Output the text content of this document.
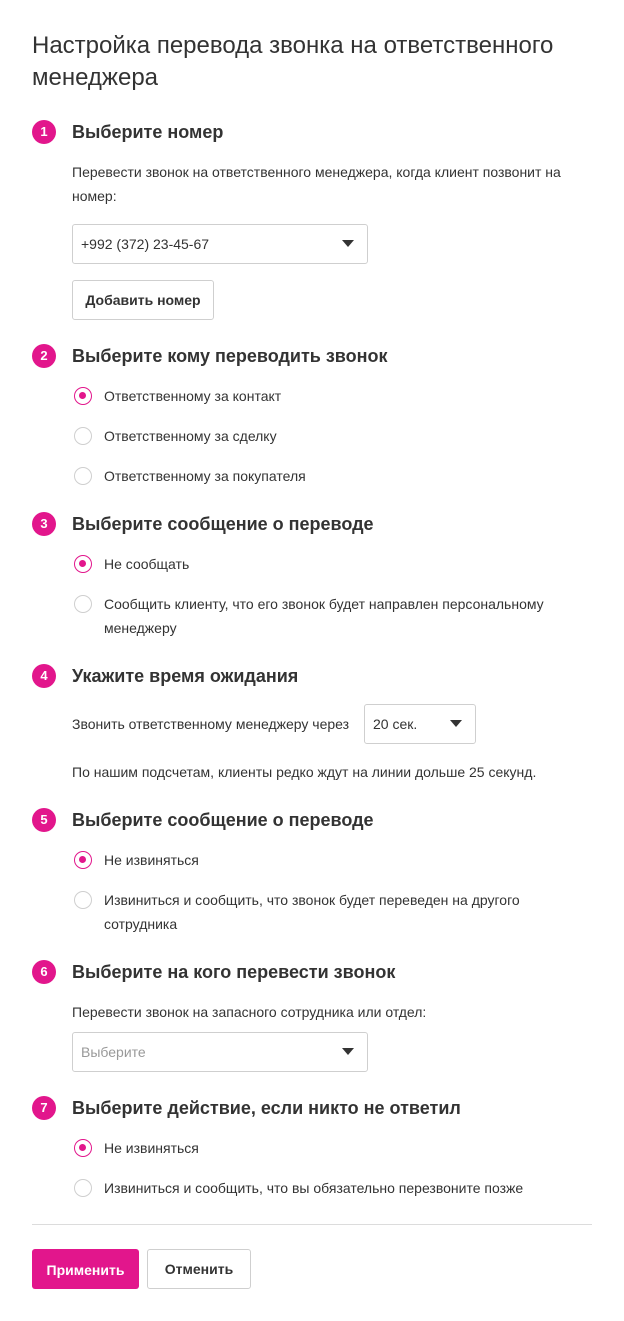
Настройка перевода звонка на ответственного менеджера
1	Выберите номер
Перевести звонок на ответственного менеджера, когда клиент позвонит на номер:
+992 (372) 23-45-67
Добавить номер
2	Выберите кому переводить звонок
Ответственному за контакт
Ответственному за сделку
Ответственному за покупателя
3	Выберите сообщение о переводе
Не сообщать
Сообщить клиенту, что его звонок будет направлен персональному менеджеру
4	Укажите время ожидания
Звонить ответственному менеджеру через	20 сек.
По нашим подсчетам, клиенты редко ждут на линии дольше 25 секунд.
5	Выберите сообщение о переводе
Не извиняться
Извиниться и сообщить, что звонок будет переведен на другого сотрудника
6	Выберите на кого перевести звонок
Перевести звонок на запасного сотрудника или отдел:
Выберите
7	Выберите действие, если никто не ответил
Не извиняться
Извиниться и сообщить, что вы обязательно перезвоните позже
Применить	Отменить
